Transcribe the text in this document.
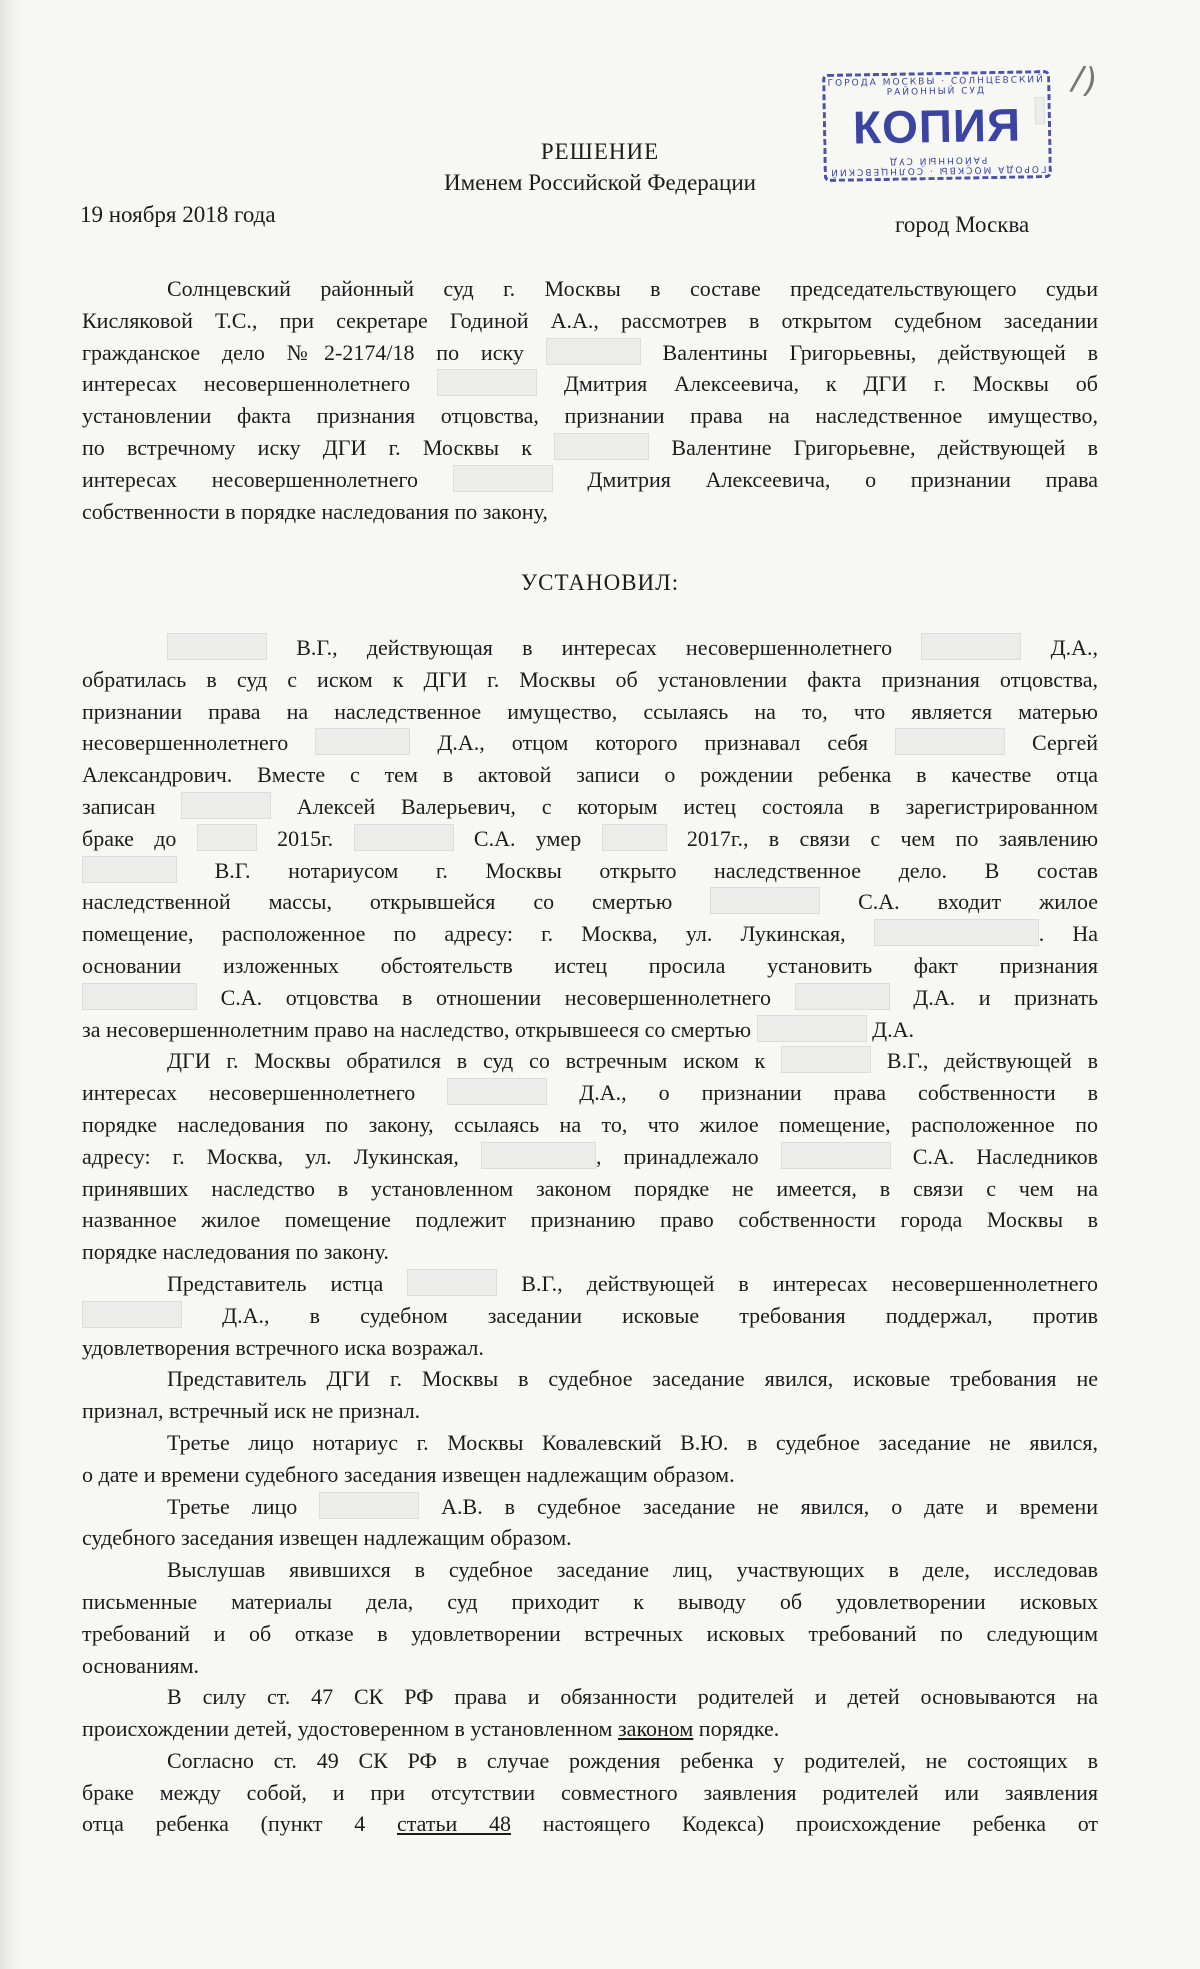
ГОРОДА МОСКВЫ · СОЛНЦЕВСКИЙ РАЙОННЫЙ СУД
КОПИЯ
ГОРОДА МОСКВЫ · СОЛНЦЕВСКИЙ РАЙОННЫЙ СУД
/)
РЕШЕНИЕ
Именем Российской Федерации
19 ноября 2018 года	город Москва

Солнцевский районный суд г. Москвы в составе председательствующего судьи

Кисляковой Т.С., при секретаре Годиной А.А., рассмотрев в открытом судебном заседании

гражданское дело №2-2174/18 по иску	Валентины Григорьевны, действующей в

интересах несовершеннолетнего	Дмитрия Алексеевича, к ДГИ г. Москвы об

установлении факта признания отцовства, признании права на наследственное имущество,

по встречному иску ДГИ г. Москвы к	Валентине Григорьевне, действующей в

интересах несовершеннолетнего	Дмитрия Алексеевича, о признании права

собственности в порядке наследования по закону,

УСТАНОВИЛ:

В.Г., действующая в интересах несовершеннолетнего	Д.А.,

обратилась в суд с иском к ДГИ г. Москвы об установлении факта признания отцовства,

признании права на наследственное имущество, ссылаясь на то, что является матерью

несовершеннолетнего	Д.А., отцом которого признавал себя	Сергей

Александрович. Вместе с тем в актовой записи о рождении ребенка в качестве отца

записан	Алексей Валерьевич, с которым истец состояла в зарегистрированном

браке до	2015г.	С.А. умер	2017г., в связи с чем по заявлению

В.Г. нотариусом г. Москвы открыто наследственное дело. В состав

наследственной массы, открывшейся со смертью	С.А. входит жилое

помещение, расположенное по адресу: г. Москва, ул. Лукинская,	. На

основании изложенных обстоятельств истец просила установить факт признания

С.А. отцовства в отношении несовершеннолетнего	Д.А. и признать

за несовершеннолетним право на наследство, открывшееся со смертью	Д.А.

ДГИ г. Москвы обратился в суд со встречным иском к	В.Г., действующей в

интересах несовершеннолетнего	Д.А., о признании права собственности в

порядке наследования по закону, ссылаясь на то, что жилое помещение, расположенное по

адресу: г. Москва, ул. Лукинская,	, принадлежало	С.А. Наследников

принявших наследство в установленном законом порядке не имеется, в связи с чем на

названное жилое помещение подлежит признанию право собственности города Москвы в

порядке наследования по закону.

Представитель истца	В.Г., действующей в интересах несовершеннолетнего

Д.А., в судебном заседании исковые требования поддержал, против

удовлетворения встречного иска возражал.

Представитель ДГИ г. Москвы в судебное заседание явился, исковые требования не

признал, встречный иск не признал.

Третье лицо нотариус г. Москвы Ковалевский В.Ю. в судебное заседание не явился,

о дате и времени судебного заседания извещен надлежащим образом.

Третье лицо	А.В. в судебное заседание не явился, о дате и времени

судебного заседания извещен надлежащим образом.

Выслушав явившихся в судебное заседание лиц, участвующих в деле, исследовав

письменные материалы дела, суд приходит к выводу об удовлетворении исковых

требований и об отказе в удовлетворении встречных исковых требований по следующим

основаниям.

В силу ст. 47 СК РФ права и обязанности родителей и детей основываются на

происхождении детей, удостоверенном в установленном законом порядке.

Согласно ст. 49 СК РФ в случае рождения ребенка у родителей, не состоящих в

браке между собой, и при отсутствии совместного заявления родителей или заявления

отца ребенка (пункт 4 статьи 48 настоящего Кодекса) происхождение ребенка от
